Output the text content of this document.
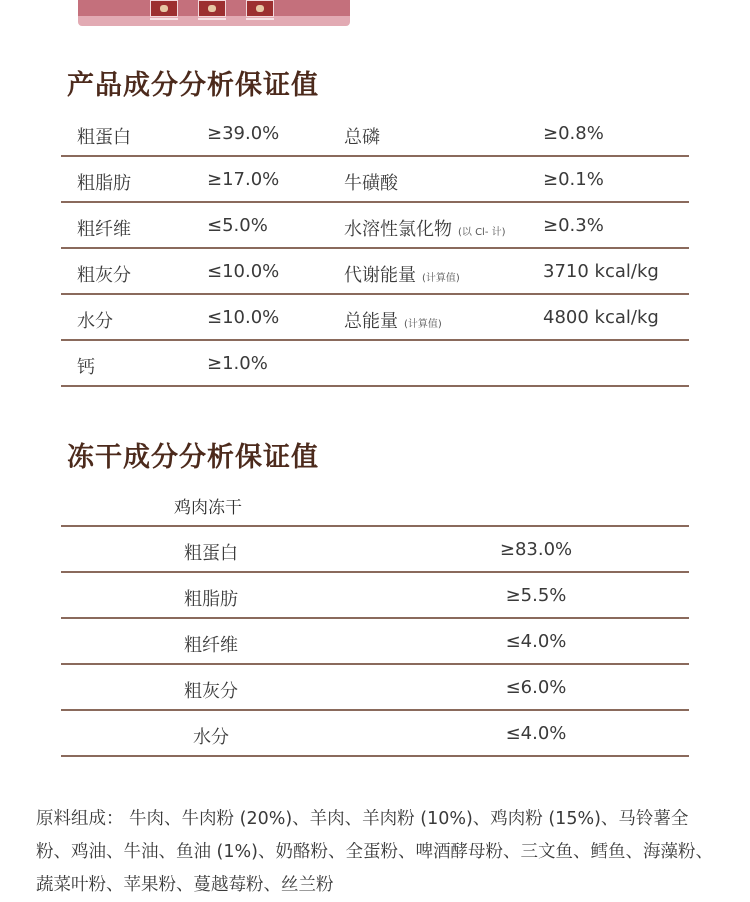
产品成分分析保证值
粗蛋白	≥39.0%	总磷	≥0.8%
粗脂肪	≥17.0%	牛磺酸	≥0.1%
粗纤维	≤5.0%	水溶性氯化物 (以 Cl- 计) ≥0.3%
粗灰分	≤10.0%	代谢能量 (计算值)	3710 kcal/kg
水分	≤10.0%	总能量 (计算值)	4800 kcal/kg
钙	≥1.0%
冻干成分分析保证值
鸡肉冻干
粗蛋白	≥83.0%
粗脂肪	≥5.5%
粗纤维	≤4.0%
粗灰分	≤6.0%
水分	≤4.0%
原料组成： 牛肉、牛肉粉 (20%)、羊肉、羊肉粉 (10%)、鸡肉粉 (15%)、马铃薯全粉、鸡油、牛油、鱼油 (1%)、奶酪粉、全蛋粉、啤酒酵母粉、三文鱼、鳕鱼、海藻粉、蔬菜叶粉、苹果粉、蔓越莓粉、丝兰粉
